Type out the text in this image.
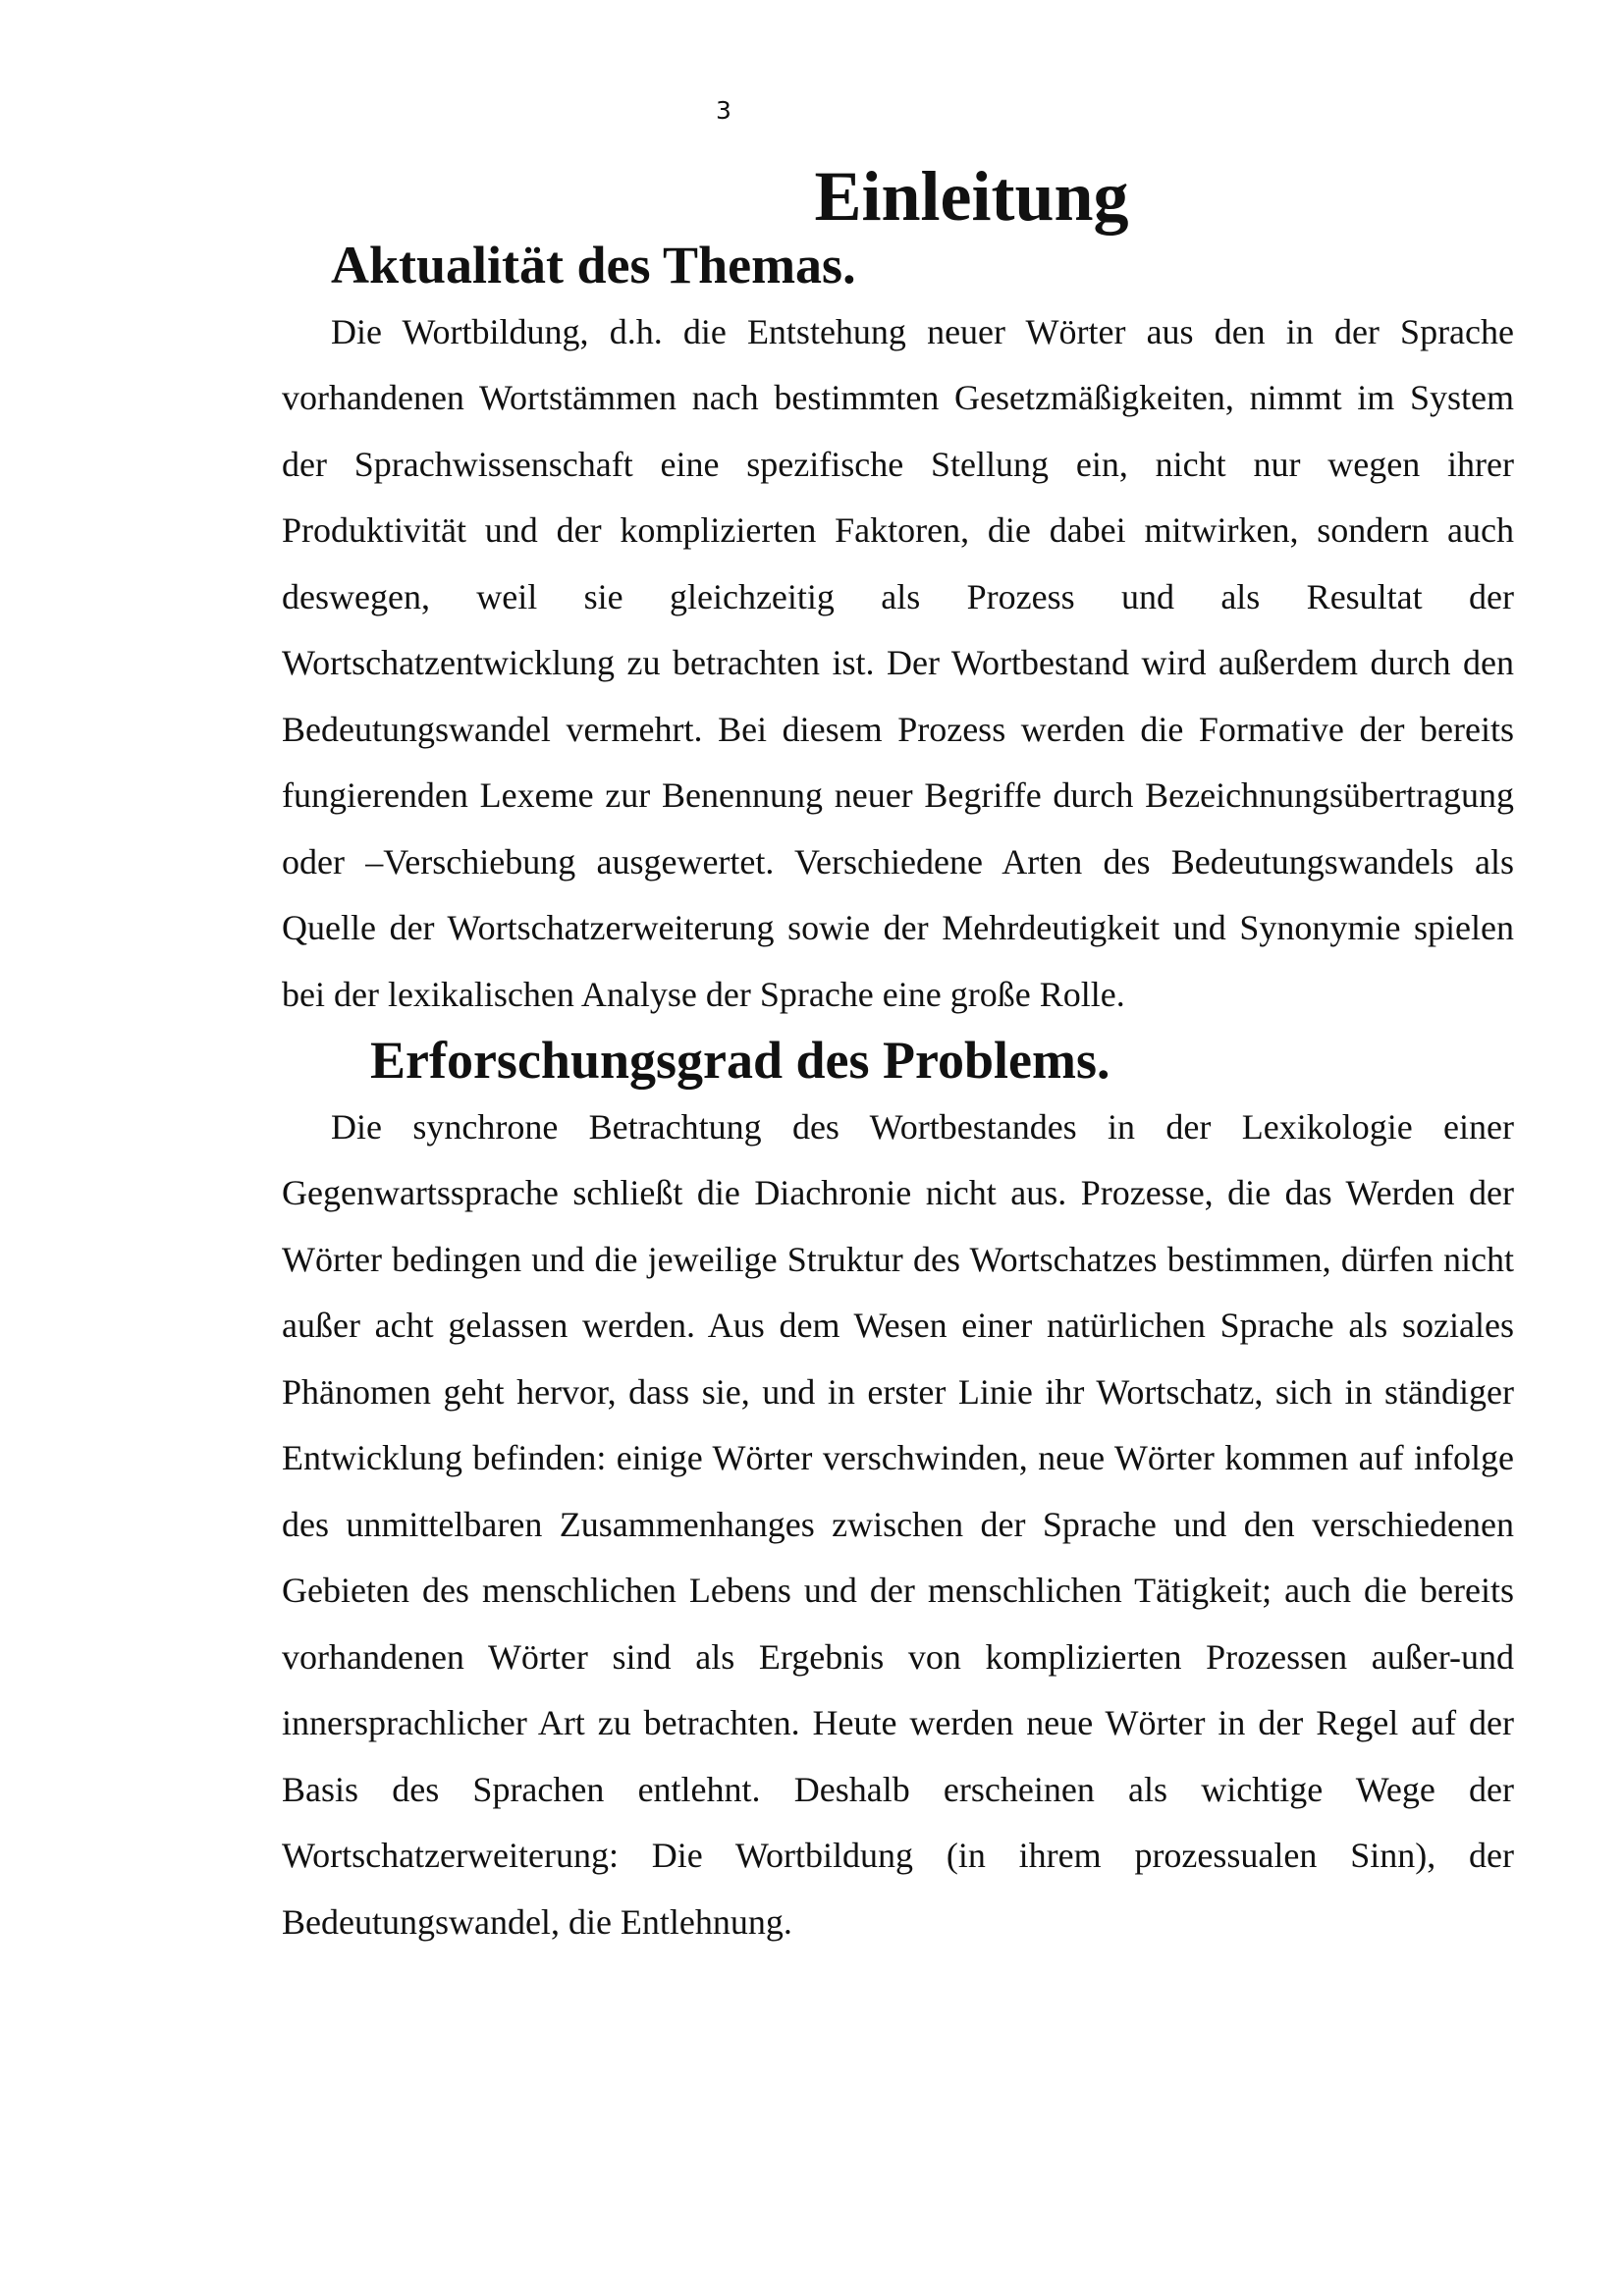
3
Einleitung
Aktualität des Themas.

Die Wortbildung, d.h. die Entstehung neuer Wörter aus den in der Sprache vorhandenen Wortstämmen nach bestimmten Gesetzmäßigkeiten, nimmt im System der Sprachwissenschaft eine spezifische Stellung ein, nicht nur wegen ihrer Produktivität und der komplizierten Faktoren, die dabei mitwirken, sondern auch deswegen, weil sie gleichzeitig als Prozess und als Resultat der Wortschatzentwicklung zu betrachten ist. Der Wortbestand wird außerdem durch den Bedeutungswandel vermehrt. Bei diesem Prozess werden die Formative der bereits fungierenden Lexeme zur Benennung neuer Begriffe durch Bezeichnungsübertragung oder –Verschiebung ausgewertet. Verschiedene Arten des Bedeutungswandels als Quelle der Wortschatzerweiterung sowie der Mehrdeutigkeit und Synonymie spielen bei der lexikalischen Analyse der Sprache eine große Rolle.

Erforschungsgrad des Problems.

Die synchrone Betrachtung des Wortbestandes in der Lexikologie einer Gegenwartssprache schließt die Diachronie nicht aus. Prozesse, die das Werden der Wörter bedingen und die jeweilige Struktur des Wortschatzes bestimmen, dürfen nicht außer acht gelassen werden. Aus dem Wesen einer natürlichen Sprache als soziales Phänomen geht hervor, dass sie, und in erster Linie ihr Wortschatz, sich in ständiger Entwicklung befinden: einige Wörter verschwinden, neue Wörter kommen auf infolge des unmittelbaren Zusammenhanges zwischen der Sprache und den verschiedenen Gebieten des menschlichen Lebens und der menschlichen Tätigkeit; auch die bereits vorhandenen Wörter sind als Ergebnis von komplizierten Prozessen außer-und innersprachlicher Art zu betrachten. Heute werden neue Wörter in der Regel auf der Basis des Sprachen entlehnt. Deshalb erscheinen als wichtige Wege der Wortschatzerweiterung: Die Wortbildung (in ihrem prozessualen Sinn), der Bedeutungswandel, die Entlehnung.
